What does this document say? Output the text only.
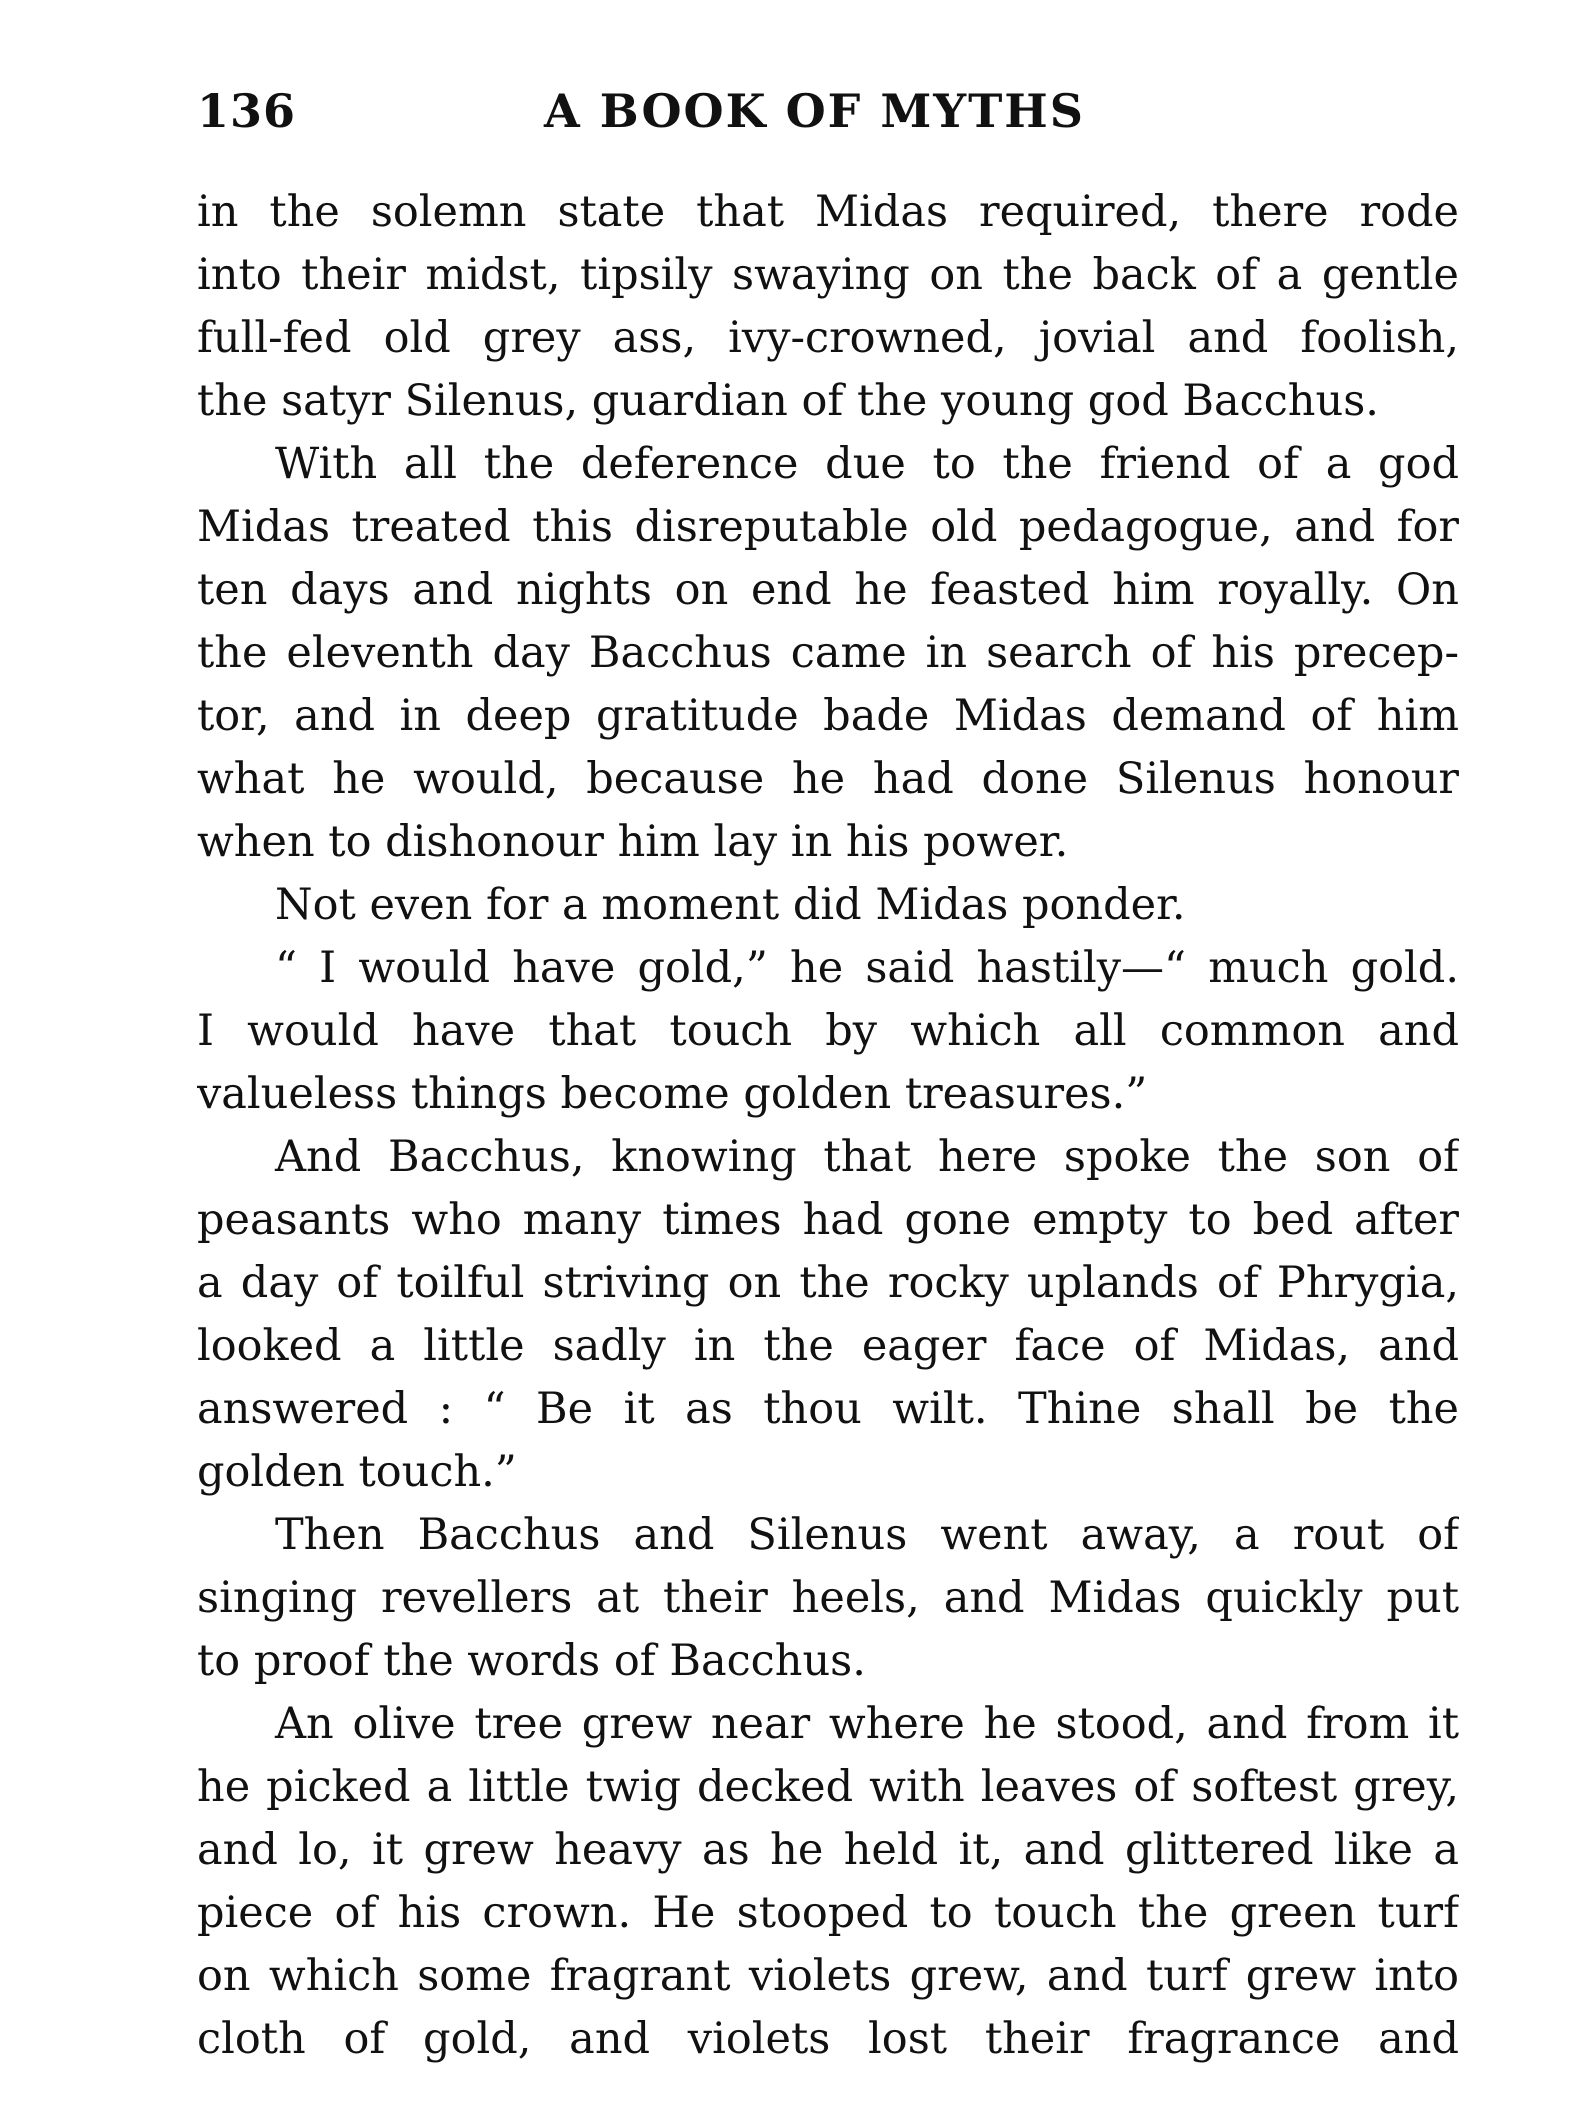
136	A BOOK OF MYTHS
in the solemn state that Midas required, there rode
into their midst, tipsily swaying on the back of a gentle
full-fed old grey ass, ivy-crowned, jovial and foolish,
the satyr Silenus, guardian of the young god Bacchus.
With all the deference due to the friend of a god
Midas treated this disreputable old pedagogue, and for
ten days and nights on end he feasted him royally. On
the eleventh day Bacchus came in search of his precep-
tor, and in deep gratitude bade Midas demand of him
what he would, because he had done Silenus honour
when to dishonour him lay in his power.
Not even for a moment did Midas ponder.
“ I would have gold,” he said hastily—“ much gold.
I would have that touch by which all common and
valueless things become golden treasures.”
And Bacchus, knowing that here spoke the son of
peasants who many times had gone empty to bed after
a day of toilful striving on the rocky uplands of Phrygia,
looked a little sadly in the eager face of Midas, and
answered : “ Be it as thou wilt. Thine shall be the
golden touch.”
Then Bacchus and Silenus went away, a rout of
singing revellers at their heels, and Midas quickly put
to proof the words of Bacchus.
An olive tree grew near where he stood, and from it
he picked a little twig decked with leaves of softest grey,
and lo, it grew heavy as he held it, and glittered like a
piece of his crown. He stooped to touch the green turf
on which some fragrant violets grew, and turf grew into
cloth of gold, and violets lost their fragrance and
